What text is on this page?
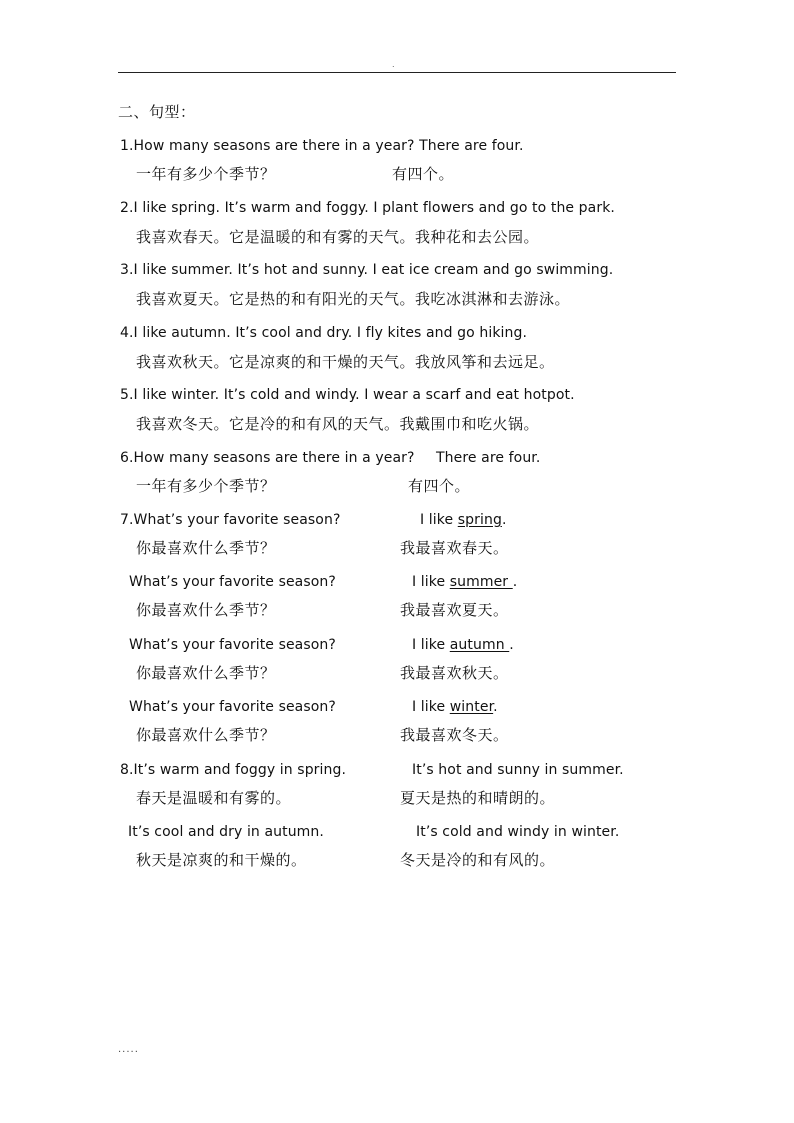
.
二、句型：
1.How many seasons are there in a year? There are four.
一年有多少个季节？	有四个。
2.I like spring. It’s warm and foggy. I plant flowers and go to the park.
我喜欢春天。它是温暖的和有雾的天气。我种花和去公园。
3.I like summer. It’s hot and sunny. I eat ice cream and go swimming.
我喜欢夏天。它是热的和有阳光的天气。我吃冰淇淋和去游泳。
4.I like autumn. It’s cool and dry. I fly kites and go hiking.
我喜欢秋天。它是凉爽的和干燥的天气。我放风筝和去远足。
5.I like winter. It’s cold and windy. I wear a scarf and eat hotpot.
我喜欢冬天。它是冷的和有风的天气。我戴围巾和吃火锅。
6.How many seasons are there in a year? There are four.
一年有多少个季节？	有四个。
7.What’s your favorite season?	I like spring.
你最喜欢什么季节？	我最喜欢春天。
What’s your favorite season?	I like summer .
你最喜欢什么季节？	我最喜欢夏天。
What’s your favorite season?	I like autumn .
你最喜欢什么季节？	我最喜欢秋天。
What’s your favorite season?	I like winter.
你最喜欢什么季节？	我最喜欢冬天。
8.It’s warm and foggy in spring.	It’s hot and sunny in summer.
春天是温暖和有雾的。	夏天是热的和晴朗的。
It’s cool and dry in autumn.	It’s cold and windy in winter.
秋天是凉爽的和干燥的。	冬天是冷的和有风的。
.....
